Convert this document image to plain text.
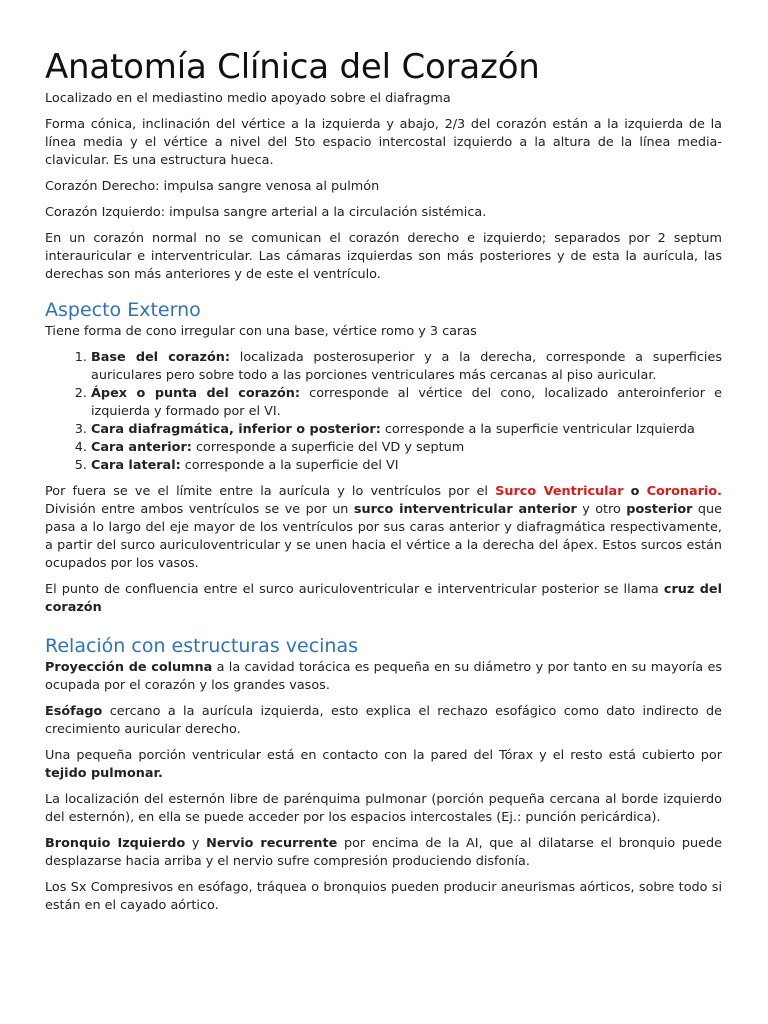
Anatomía Clínica del Corazón

Localizado en el mediastino medio apoyado sobre el diafragma

Forma cónica, inclinación del vértice a la izquierda y abajo, 2/3 del corazón están a la izquierda de la línea media y el vértice a nivel del 5to espacio intercostal izquierdo a la altura de la línea media-clavicular. Es una estructura hueca.

Corazón Derecho: impulsa sangre venosa al pulmón

Corazón Izquierdo: impulsa sangre arterial a la circulación sistémica.

En un corazón normal no se comunican el corazón derecho e izquierdo; separados por 2 septum interauricular e interventricular. Las cámaras izquierdas son más posteriores y de esta la aurícula, las derechas son más anteriores y de este el ventrículo.

Aspecto Externo

Tiene forma de cono irregular con una base, vértice romo y 3 caras

1. Base del corazón: localizada posterosuperior y a la derecha, corresponde a superficies auriculares pero sobre todo a las porciones ventriculares más cercanas al piso auricular.
2. Ápex o punta del corazón: corresponde al vértice del cono, localizado anteroinferior e izquierda y formado por el VI.
3. Cara diafragmática, inferior o posterior: corresponde a la superficie ventricular Izquierda
4. Cara anterior: corresponde a superficie del VD y septum
5. Cara lateral: corresponde a la superficie del VI

Por fuera se ve el límite entre la aurícula y lo ventrículos por el Surco Ventricular o Coronario. División entre ambos ventrículos se ve por un surco interventricular anterior y otro posterior que pasa a lo largo del eje mayor de los ventrículos por sus caras anterior y diafragmática respectivamente, a partir del surco auriculoventricular y se unen hacia el vértice a la derecha del ápex. Estos surcos están ocupados por los vasos.

El punto de confluencia entre el surco auriculoventricular e interventricular posterior se llama cruz del corazón

Relación con estructuras vecinas

Proyección de columna a la cavidad torácica es pequeña en su diámetro y por tanto en su mayoría es ocupada por el corazón y los grandes vasos.

Esófago cercano a la aurícula izquierda, esto explica el rechazo esofágico como dato indirecto de crecimiento auricular derecho.

Una pequeña porción ventricular está en contacto con la pared del Tórax y el resto está cubierto por tejido pulmonar.

La localización del esternón libre de parénquima pulmonar (porción pequeña cercana al borde izquierdo del esternón), en ella se puede acceder por los espacios intercostales (Ej.: punción pericárdica).

Bronquio Izquierdo y Nervio recurrente por encima de la AI, que al dilatarse el bronquio puede desplazarse hacia arriba y el nervio sufre compresión produciendo disfonía.

Los Sx Compresivos en esófago, tráquea o bronquios pueden producir aneurismas aórticos, sobre todo si están en el cayado aórtico.
